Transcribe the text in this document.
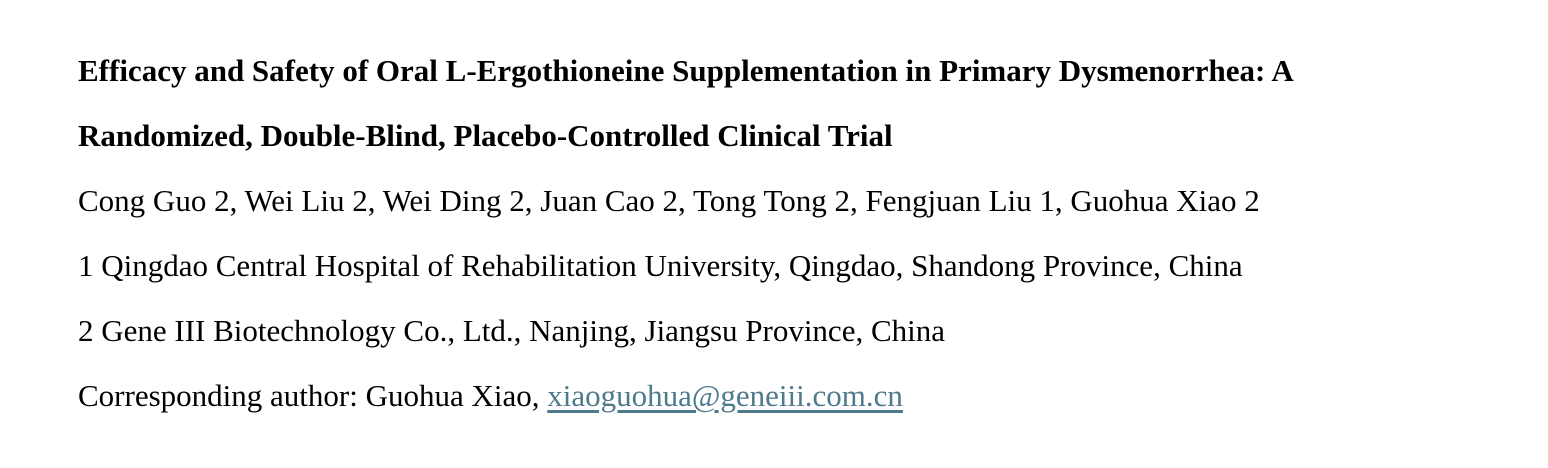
Efficacy and Safety of Oral L-Ergothioneine Supplementation in Primary Dysmenorrhea: A
Randomized, Double-Blind, Placebo-Controlled Clinical Trial

Cong Guo 2, Wei Liu 2, Wei Ding 2, Juan Cao 2, Tong Tong 2, Fengjuan Liu 1, Guohua Xiao 2

1 Qingdao Central Hospital of Rehabilitation University, Qingdao, Shandong Province, China

2 Gene III Biotechnology Co., Ltd., Nanjing, Jiangsu Province, China

Corresponding author: Guohua Xiao, xiaoguohua@geneiii.com.cn
